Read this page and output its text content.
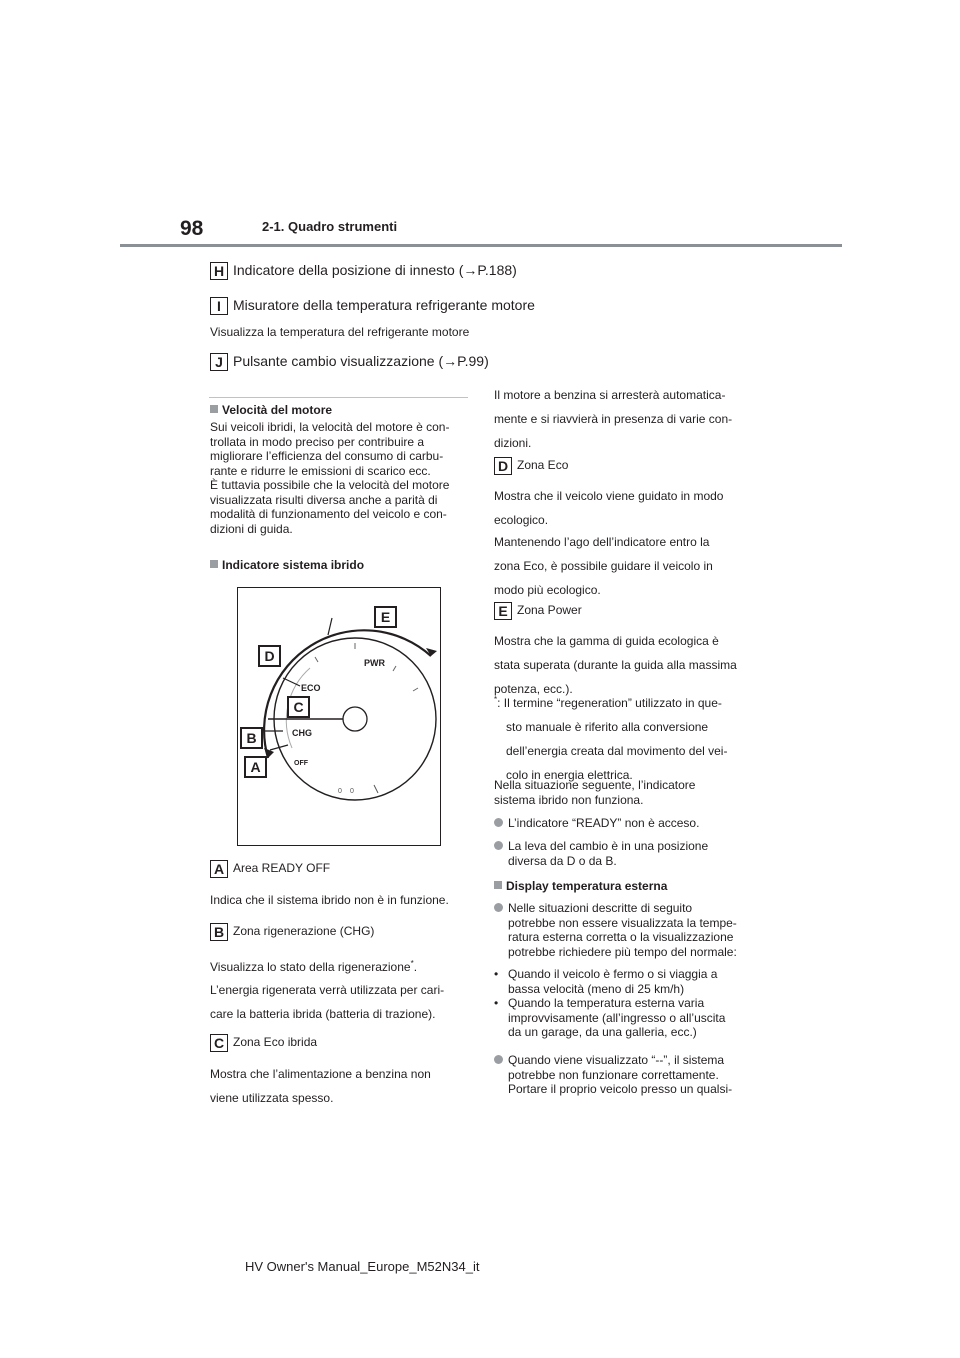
98	2-1. Quadro strumenti
H Indicatore della posizione di innesto (→P.188)
I Misuratore della temperatura refrigerante motore
Visualizza la temperatura del refrigerante motore
J Pulsante cambio visualizzazione (→P.99)
Velocità del motore
Sui veicoli ibridi, la velocità del motore è con-
trollata in modo preciso per contribuire a
migliorare l’efficienza del consumo di carbu-
rante e ridurre le emissioni di scarico ecc.
È tuttavia possibile che la velocità del motore
visualizzata risulti diversa anche a parità di
modalità di funzionamento del veicolo e con-
dizioni di guida.
Indicatore sistema ibrido
PWR
ECO
CHG
OFF
0 0
E
D
C
B
A
A Area READY OFF
Indica che il sistema ibrido non è in funzione.
B Zona rigenerazione (CHG)
Visualizza lo stato della rigenerazione*.
L’energia rigenerata verrà utilizzata per cari-
care la batteria ibrida (batteria di trazione).
C Zona Eco ibrida
Mostra che l’alimentazione a benzina non
viene utilizzata spesso.
Il motore a benzina si arresterà automatica-
mente e si riavvierà in presenza di varie con-
dizioni.
D Zona Eco
Mostra che il veicolo viene guidato in modo
ecologico.
Mantenendo l’ago dell’indicatore entro la
zona Eco, è possibile guidare il veicolo in
modo più ecologico.
E Zona Power
Mostra che la gamma di guida ecologica è
stata superata (durante la guida alla massima
potenza, ecc.).
*: Il termine “regeneration” utilizzato in que-
sto manuale è riferito alla conversione
dell’energia creata dal movimento del vei-
colo in energia elettrica.
Nella situazione seguente, l’indicatore
sistema ibrido non funziona.
L’indicatore “READY” non è acceso.
La leva del cambio è in una posizione
diversa da D o da B.
Display temperatura esterna
Nelle situazioni descritte di seguito
potrebbe non essere visualizzata la tempe-
ratura esterna corretta o la visualizzazione
potrebbe richiedere più tempo del normale:
• Quando il veicolo è fermo o si viaggia a
bassa velocità (meno di 25 km/h)
• Quando la temperatura esterna varia
improvvisamente (all’ingresso o all’uscita
da un garage, da una galleria, ecc.)
Quando viene visualizzato “--”, il sistema
potrebbe non funzionare correttamente.
Portare il proprio veicolo presso un qualsi-
HV Owner's Manual_Europe_M52N34_it
